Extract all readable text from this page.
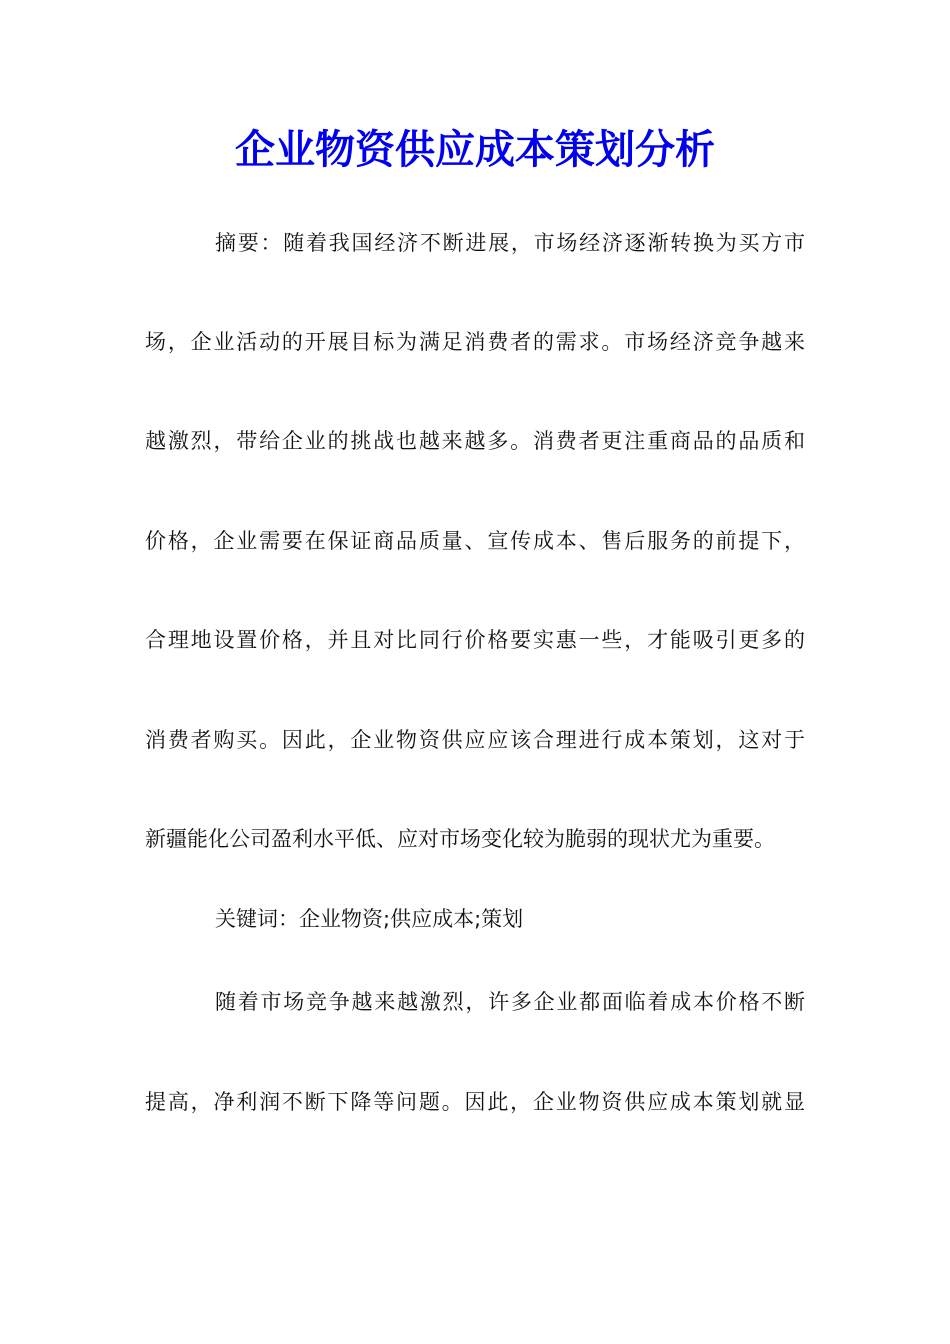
企业物资供应成本策划分析
摘要：随着我国经济不断进展，市场经济逐渐转换为买方市
场，企业活动的开展目标为满足消费者的需求。市场经济竞争越来
越激烈，带给企业的挑战也越来越多。消费者更注重商品的品质和
价格，企业需要在保证商品质量、宣传成本、售后服务的前提下，
合理地设置价格，并且对比同行价格要实惠一些，才能吸引更多的
消费者购买。因此，企业物资供应应该合理进行成本策划，这对于
新疆能化公司盈利水平低、应对市场变化较为脆弱的现状尤为重要。
关键词：企业物资;供应成本;策划
随着市场竞争越来越激烈，许多企业都面临着成本价格不断
提高，净利润不断下降等问题。因此，企业物资供应成本策划就显
